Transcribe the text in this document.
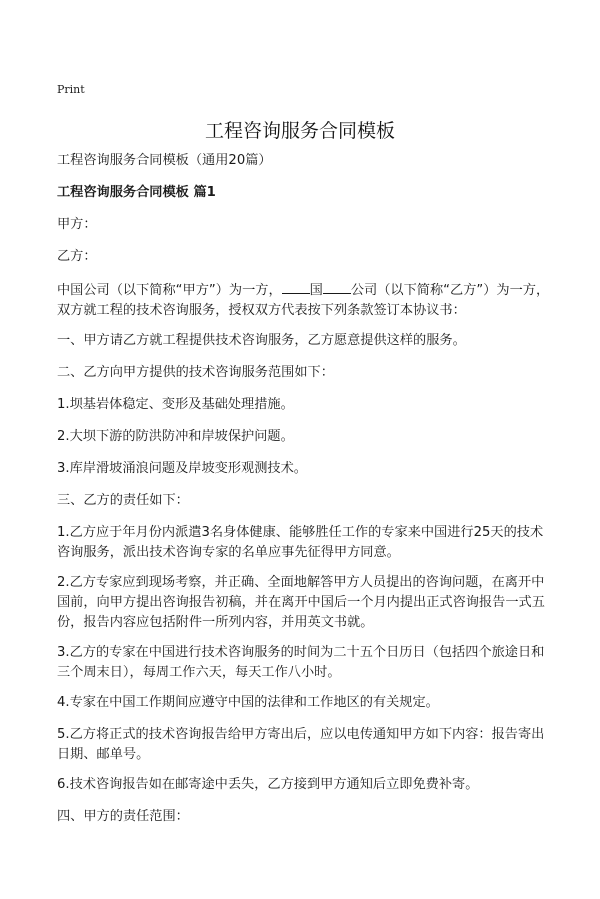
Print
工程咨询服务合同模板

工程咨询服务合同模板（通用20篇）

工程咨询服务合同模板 篇1

甲方：

乙方：

中国公司（以下简称“甲方”）为一方， 国 公司（以下简称“乙方”）为一方，双方就工程的技术咨询服务，授权双方代表按下列条款签订本协议书：

一、甲方请乙方就工程提供技术咨询服务，乙方愿意提供这样的服务。

二、乙方向甲方提供的技术咨询服务范围如下：

1.坝基岩体稳定、变形及基础处理措施。

2.大坝下游的防洪防冲和岸坡保护问题。

3.库岸滑坡涌浪问题及岸坡变形观测技术。

三、乙方的责任如下：

1.乙方应于年月份内派遣3名身体健康、能够胜任工作的专家来中国进行25天的技术咨询服务，派出技术咨询专家的名单应事先征得甲方同意。

2.乙方专家应到现场考察，并正确、全面地解答甲方人员提出的咨询问题，在离开中国前，向甲方提出咨询报告初稿，并在离开中国后一个月内提出正式咨询报告一式五份，报告内容应包括附件一所列内容，并用英文书就。

3.乙方的专家在中国进行技术咨询服务的时间为二十五个日历日（包括四个旅途日和三个周末日），每周工作六天，每天工作八小时。

4.专家在中国工作期间应遵守中国的法律和工作地区的有关规定。

5.乙方将正式的技术咨询报告给甲方寄出后，应以电传通知甲方如下内容：报告寄出日期、邮单号。

6.技术咨询报告如在邮寄途中丢失，乙方接到甲方通知后立即免费补寄。

四、甲方的责任范围：
